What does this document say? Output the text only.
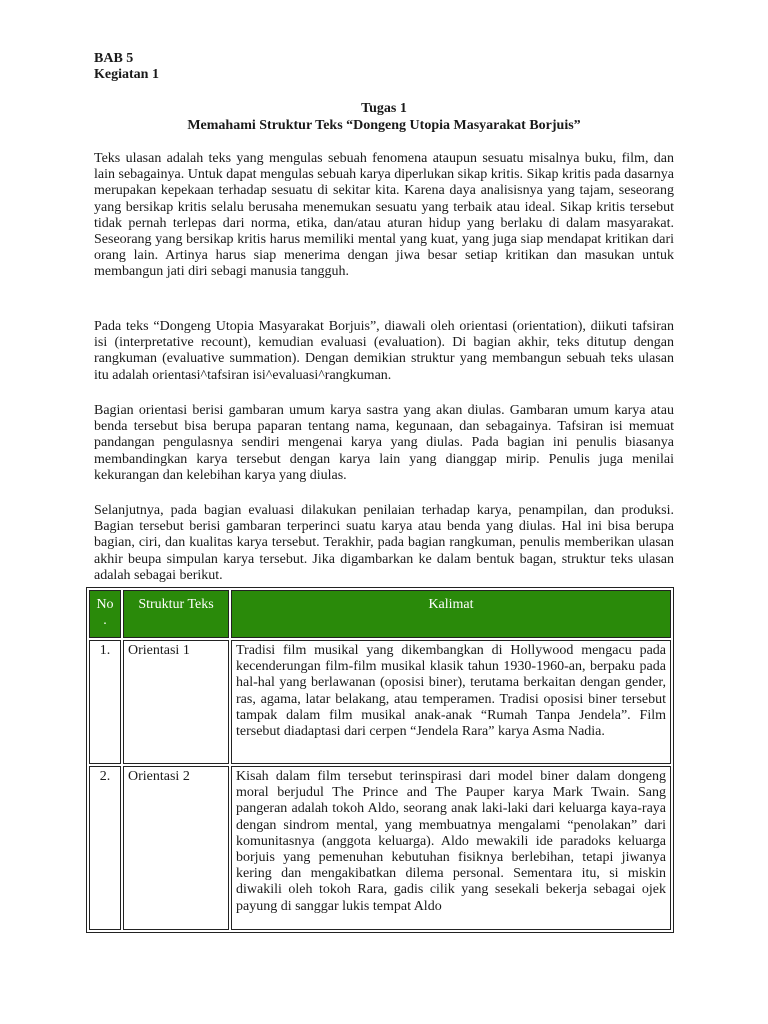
BAB 5
Kegiatan 1
Tugas 1
Memahami Struktur Teks “Dongeng Utopia Masyarakat Borjuis”

Teks ulasan adalah teks yang mengulas sebuah fenomena ataupun sesuatu misalnya buku, film, dan lain sebagainya. Untuk dapat mengulas sebuah karya diperlukan sikap kritis. Sikap kritis pada dasarnya merupakan kepekaan terhadap sesuatu di sekitar kita. Karena daya analisisnya yang tajam, seseorang yang bersikap kritis selalu berusaha menemukan sesuatu yang terbaik atau ideal. Sikap kritis tersebut tidak pernah terlepas dari norma, etika, dan/atau aturan hidup yang berlaku di dalam masyarakat. Seseorang yang bersikap kritis harus memiliki mental yang kuat, yang juga siap mendapat kritikan dari orang lain. Artinya harus siap menerima dengan jiwa besar setiap kritikan dan masukan untuk membangun jati diri sebagi manusia tangguh.

Pada teks “Dongeng Utopia Masyarakat Borjuis”, diawali oleh orientasi (orientation), diikuti tafsiran isi (interpretative recount), kemudian evaluasi (evaluation). Di bagian akhir, teks ditutup dengan rangkuman (evaluative summation). Dengan demikian struktur yang membangun sebuah teks ulasan itu adalah orientasi^tafsiran isi^evaluasi^rangkuman.

Bagian orientasi berisi gambaran umum karya sastra yang akan diulas. Gambaran umum karya atau benda tersebut bisa berupa paparan tentang nama, kegunaan, dan sebagainya. Tafsiran isi memuat pandangan pengulasnya sendiri mengenai karya yang diulas. Pada bagian ini penulis biasanya membandingkan karya tersebut dengan karya lain yang dianggap mirip. Penulis juga menilai kekurangan dan kelebihan karya yang diulas.

Selanjutnya, pada bagian evaluasi dilakukan penilaian terhadap karya, penampilan, dan produksi. Bagian tersebut berisi gambaran terperinci suatu karya atau benda yang diulas. Hal ini bisa berupa bagian, ciri, dan kualitas karya tersebut. Terakhir, pada bagian rangkuman, penulis memberikan ulasan akhir beupa simpulan karya tersebut. Jika digambarkan ke dalam bentuk bagan, struktur teks ulasan adalah sebagai berikut.

No .	Struktur Teks	Kalimat
1.	Orientasi 1	Tradisi film musikal yang dikembangkan di Hollywood mengacu pada kecenderungan film-film musikal klasik tahun 1930-1960-an, berpaku pada hal-hal yang berlawanan (oposisi biner), terutama berkaitan dengan gender, ras, agama, latar belakang, atau temperamen. Tradisi oposisi biner tersebut tampak dalam film musikal anak-anak “Rumah Tanpa Jendela”. Film tersebut diadaptasi dari cerpen “Jendela Rara” karya Asma Nadia.
2.	Orientasi 2	Kisah dalam film tersebut terinspirasi dari model biner dalam dongeng moral berjudul The Prince and The Pauper karya Mark Twain. Sang pangeran adalah tokoh Aldo, seorang anak laki-laki dari keluarga kaya-raya dengan sindrom mental, yang membuatnya mengalami “penolakan” dari komunitasnya (anggota keluarga). Aldo mewakili ide paradoks keluarga borjuis yang pemenuhan kebutuhan fisiknya berlebihan, tetapi jiwanya kering dan mengakibatkan dilema personal. Sementara itu, si miskin diwakili oleh tokoh Rara, gadis cilik yang sesekali bekerja sebagai ojek payung di sanggar lukis tempat Aldo
